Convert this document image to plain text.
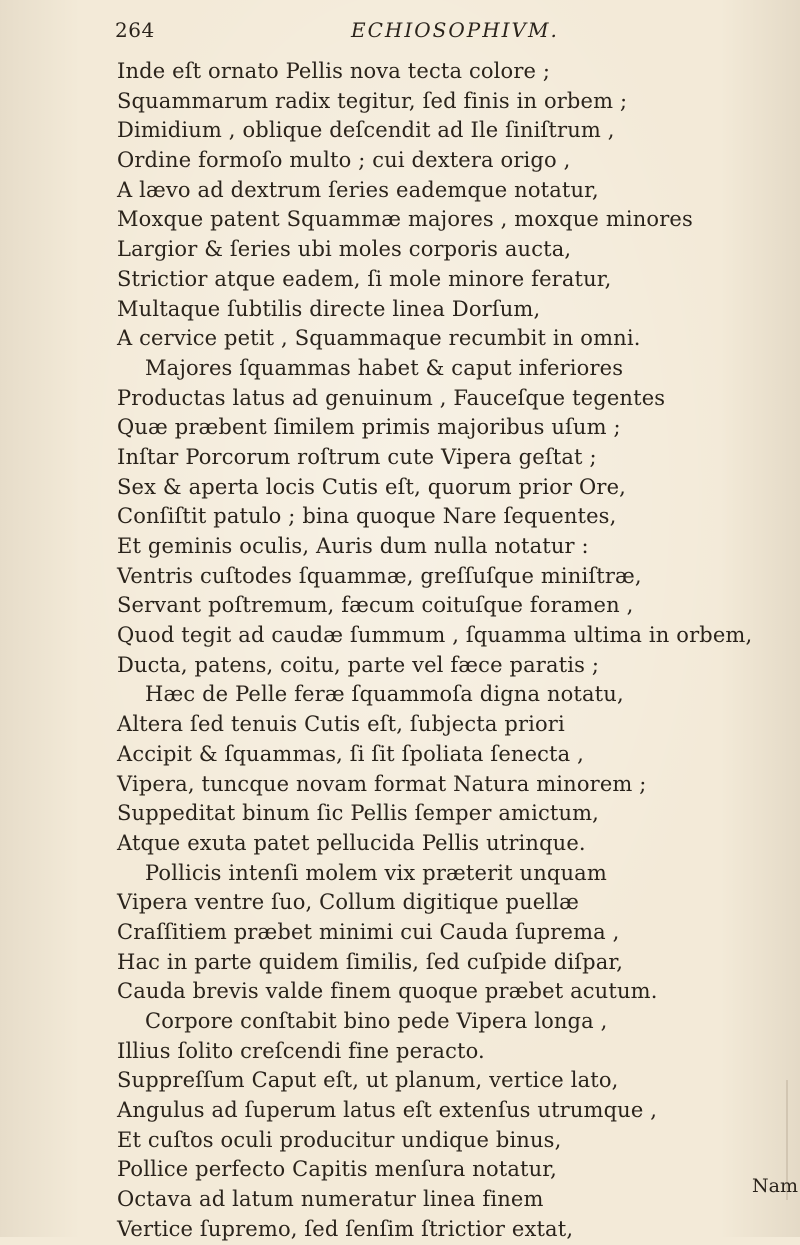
264	ECHIOSOPHIVM.
Inde eſt ornato Pellis nova tecta colore ;
Squammarum radix tegitur, ſed finis in orbem ;
Dimidium , oblique deſcendit ad Ile ſiniſtrum ,
Ordine formoſo multo ; cui dextera origo ,
A lævo ad dextrum ſeries eademque notatur,
Moxque patent Squammæ majores , moxque minores
Largior & ſeries ubi moles corporis aucta,
Strictior atque eadem, ſi mole minore feratur,
Multaque ſubtilis directe linea Dorſum,
A cervice petit , Squammaque recumbit in omni.
Majores ſquammas habet & caput inferiores
Productas latus ad genuinum , Fauceſque tegentes
Quæ præbent ſimilem primis majoribus uſum ;
Inſtar Porcorum roſtrum cute Vipera geſtat ;
Sex & aperta locis Cutis eſt, quorum prior Ore,
Conſiſtit patulo ; bina quoque Nare ſequentes,
Et geminis oculis, Auris dum nulla notatur :
Ventris cuſtodes ſquammæ, greſſuſque miniſtræ,
Servant poſtremum, fæcum coituſque foramen ,
Quod tegit ad caudæ ſummum , ſquamma ultima in orbem,
Ducta, patens, coitu, parte vel fæce paratis ;
Hæc de Pelle feræ ſquammoſa digna notatu,
Altera ſed tenuis Cutis eſt, ſubjecta priori
Accipit & ſquammas, ſi ſit ſpoliata ſenecta ,
Vipera, tuncque novam format Natura minorem ;
Suppeditat binum ſic Pellis ſemper amictum,
Atque exuta patet pellucida Pellis utrinque.
Pollicis intenſi molem vix præterit unquam
Vipera ventre ſuo, Collum digitique puellæ
Craſſitiem præbet minimi cui Cauda ſuprema ,
Hac in parte quidem ſimilis, ſed cuſpide diſpar,
Cauda brevis valde finem quoque præbet acutum.
Corpore conſtabit bino pede Vipera longa ,
Illius ſolito creſcendi fine peracto.
Suppreſſum Caput eſt, ut planum, vertice lato,
Angulus ad ſuperum latus eſt extenſus utrumque ,
Et cuſtos oculi producitur undique binus,
Pollice perfecto Capitis menſura notatur,
Octava ad latum numeratur linea finem
Vertice ſupremo, ſed ſenſim ſtrictior extat,
Nam
